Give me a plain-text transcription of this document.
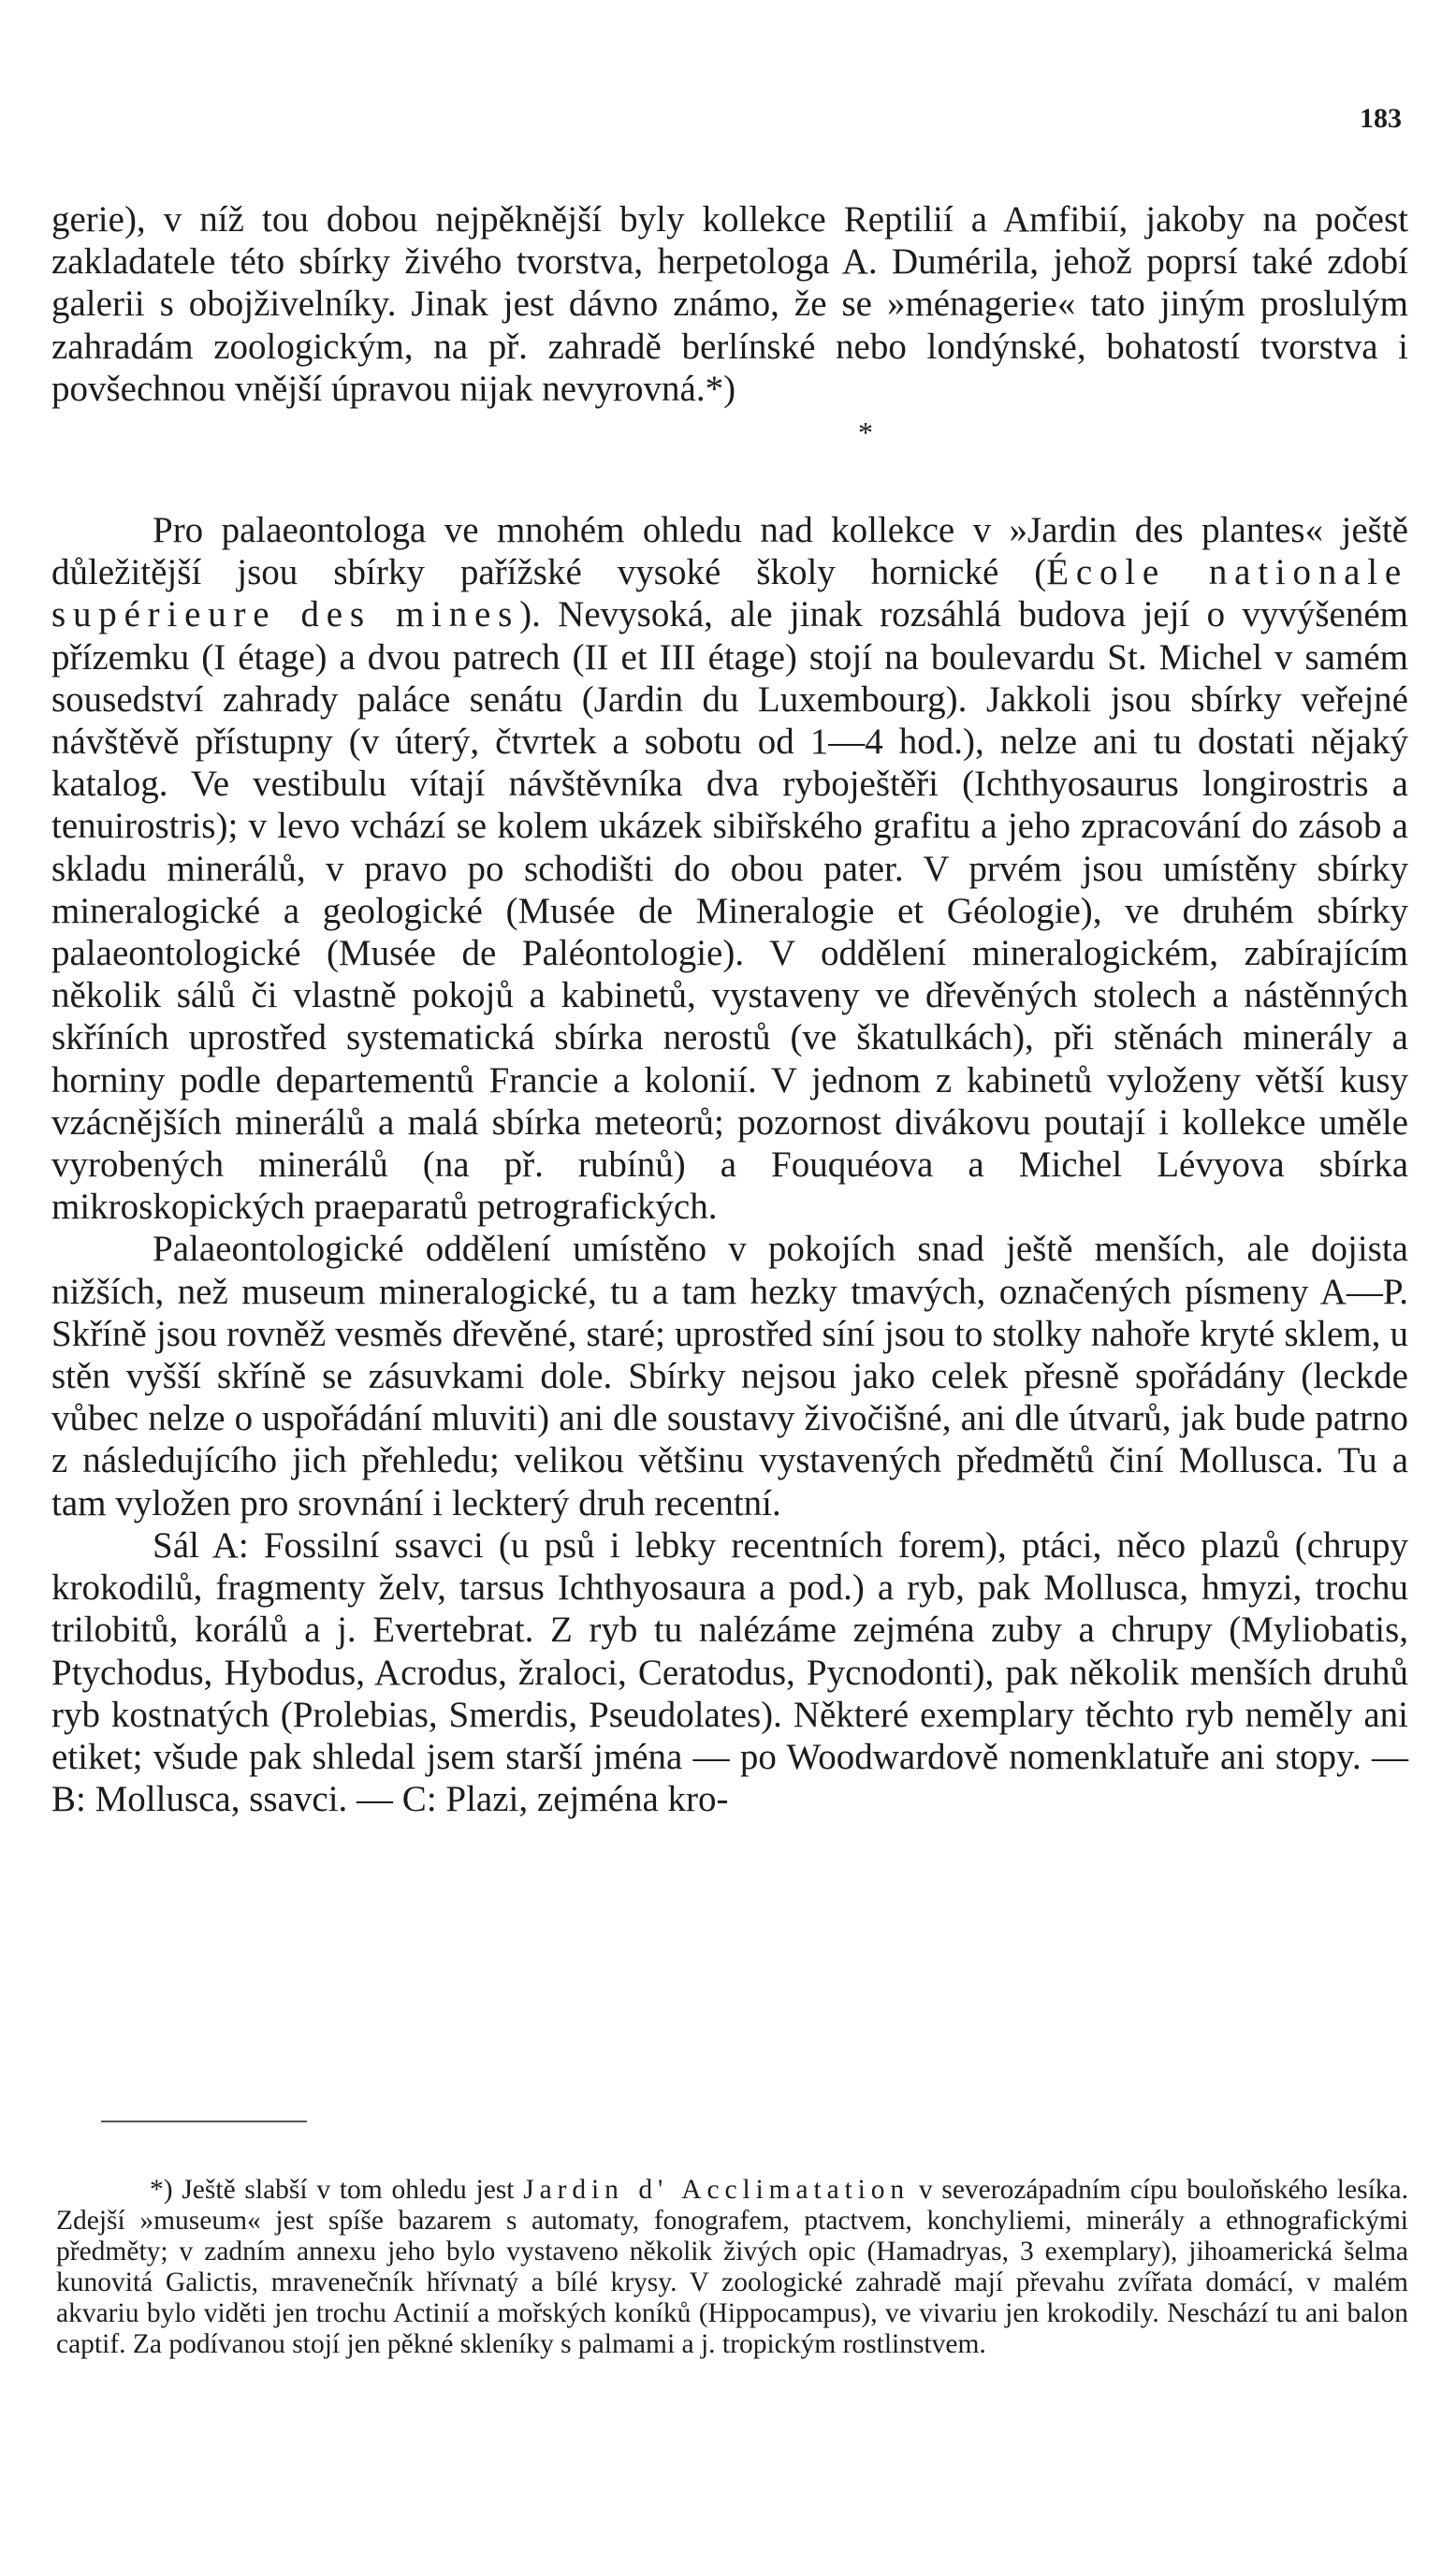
183

gerie), v níž tou dobou nejpěknější byly kollekce Reptilií a Amfibií, jakoby na počest zakladatele této sbírky živého tvorstva, herpetologa A. Dumérila, jehož poprsí také zdobí galerii s obojživelníky. Jinak jest dávno známo, že se »ménagerie« tato jiným proslulým zahradám zoologickým, na př. zahradě berlínské nebo londýnské, bohatostí tvorstva i povšechnou vnější úpravou nijak nevyrovná.*)

*

Pro palaeontologa ve mnohém ohledu nad kollekce v »Jardin des plantes« ještě důležitější jsou sbírky pařížské vysoké školy hornické (École nationale supérieure des mines). Nevysoká, ale jinak rozsáhlá budova její o vyvýšeném přízemku (I étage) a dvou patrech (II et III étage) stojí na boulevardu St. Michel v samém sousedství zahrady paláce senátu (Jardin du Luxembourg). Jakkoli jsou sbírky veřejné návštěvě přístupny (v úterý, čtvrtek a sobotu od 1—4 hod.), nelze ani tu dostati nějaký katalog. Ve vestibulu vítají návštěvníka dva ryboještěři (Ichthyosaurus longirostris a tenuirostris); v levo vchází se kolem ukázek sibiřského grafitu a jeho zpracování do zásob a skladu minerálů, v pravo po schodišti do obou pater. V prvém jsou umístěny sbírky mineralogické a geologické (Musée de Mineralogie et Géologie), ve druhém sbírky palaeontologické (Musée de Paléontologie). V oddělení mineralogickém, zabírajícím několik sálů či vlastně pokojů a kabinetů, vystaveny ve dřevěných stolech a nástěnných skříních uprostřed systematická sbírka nerostů (ve škatulkách), při stěnách minerály a horniny podle departementů Francie a kolonií. V jednom z kabinetů vyloženy větší kusy vzácnějších minerálů a malá sbírka meteorů; pozornost divákovu poutají i kollekce uměle vyrobených minerálů (na př. rubínů) a Fouquéova a Michel Lévyova sbírka mikroskopických praeparatů petrografických.

Palaeontologické oddělení umístěno v pokojích snad ještě menších, ale dojista nižších, než museum mineralogické, tu a tam hezky tmavých, označených písmeny A—P. Skříně jsou rovněž vesměs dřevěné, staré; uprostřed síní jsou to stolky nahoře kryté sklem, u stěn vyšší skříně se zásuvkami dole. Sbírky nejsou jako celek přesně spořádány (leckde vůbec nelze o uspořádání mluviti) ani dle soustavy živočišné, ani dle útvarů, jak bude patrno z následujícího jich přehledu; velikou většinu vystavených předmětů činí Mollusca. Tu a tam vyložen pro srovnání i leckterý druh recentní.

Sál A: Fossilní ssavci (u psů i lebky recentních forem), ptáci, něco plazů (chrupy krokodilů, fragmenty želv, tarsus Ichthyosaura a pod.) a ryb, pak Mollusca, hmyzi, trochu trilobitů, korálů a j. Evertebrat. Z ryb tu nalézáme zejména zuby a chrupy (Myliobatis, Ptychodus, Hybodus, Acrodus, žraloci, Ceratodus, Pycnodonti), pak několik menších druhů ryb kostnatých (Prolebias, Smerdis, Pseudolates). Některé exemplary těchto ryb neměly ani etiket; všude pak shledal jsem starší jména — po Woodwardově nomenklatuře ani stopy. — B: Mollusca, ssavci. — C: Plazi, zejména kro-

*) Ještě slabší v tom ohledu jest Jardin d' Acclimatation v severozápadním cípu bouloňského lesíka. Zdejší »museum« jest spíše bazarem s automaty, fonografem, ptactvem, konchyliemi, minerály a ethnografickými předměty; v zadním annexu jeho bylo vystaveno několik živých opic (Hamadryas, 3 exemplary), jihoamerická šelma kunovitá Galictis, mravenečník hřívnatý a bílé krysy. V zoologické zahradě mají převahu zvířata domácí, v malém akvariu bylo viděti jen trochu Actinií a mořských koníků (Hippocampus), ve vivariu jen krokodily. Neschází tu ani balon captif. Za podívanou stojí jen pěkné skleníky s palmami a j. tropickým rostlinstvem.
